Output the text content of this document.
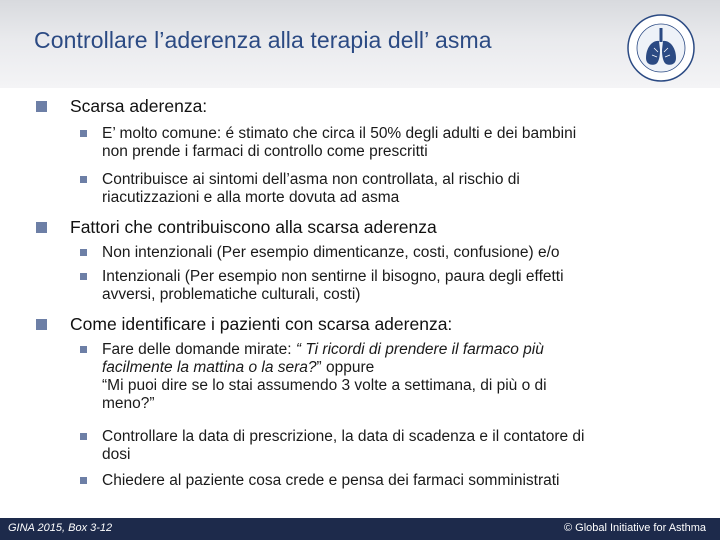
Controllare l’aderenza alla terapia dell’ asma
Scarsa aderenza:
E’ molto comune: é stimato che circa il 50% degli adulti e dei bambini
non prende i farmaci di controllo come prescritti
Contribuisce ai sintomi dell’asma non controllata, al rischio di
riacutizzazioni e alla morte dovuta ad asma
Fattori che contribuiscono alla scarsa aderenza
Non intenzionali (Per esempio dimenticanze, costi, confusione) e/o
Intenzionali (Per esempio non sentirne il bisogno, paura degli effetti
avversi, problematiche culturali, costi)
Come identificare i pazienti con scarsa aderenza:
Fare delle domande mirate: “ Ti ricordi di prendere il farmaco più
facilmente la mattina o la sera?” oppure
“Mi puoi dire se lo stai assumendo 3 volte a settimana, di più o di
meno?”
Controllare la data di prescrizione, la data di scadenza e il contatore di
dosi
Chiedere al paziente cosa crede e pensa dei farmaci somministrati
GINA 2015, Box 3-12	© Global Initiative for Asthma
